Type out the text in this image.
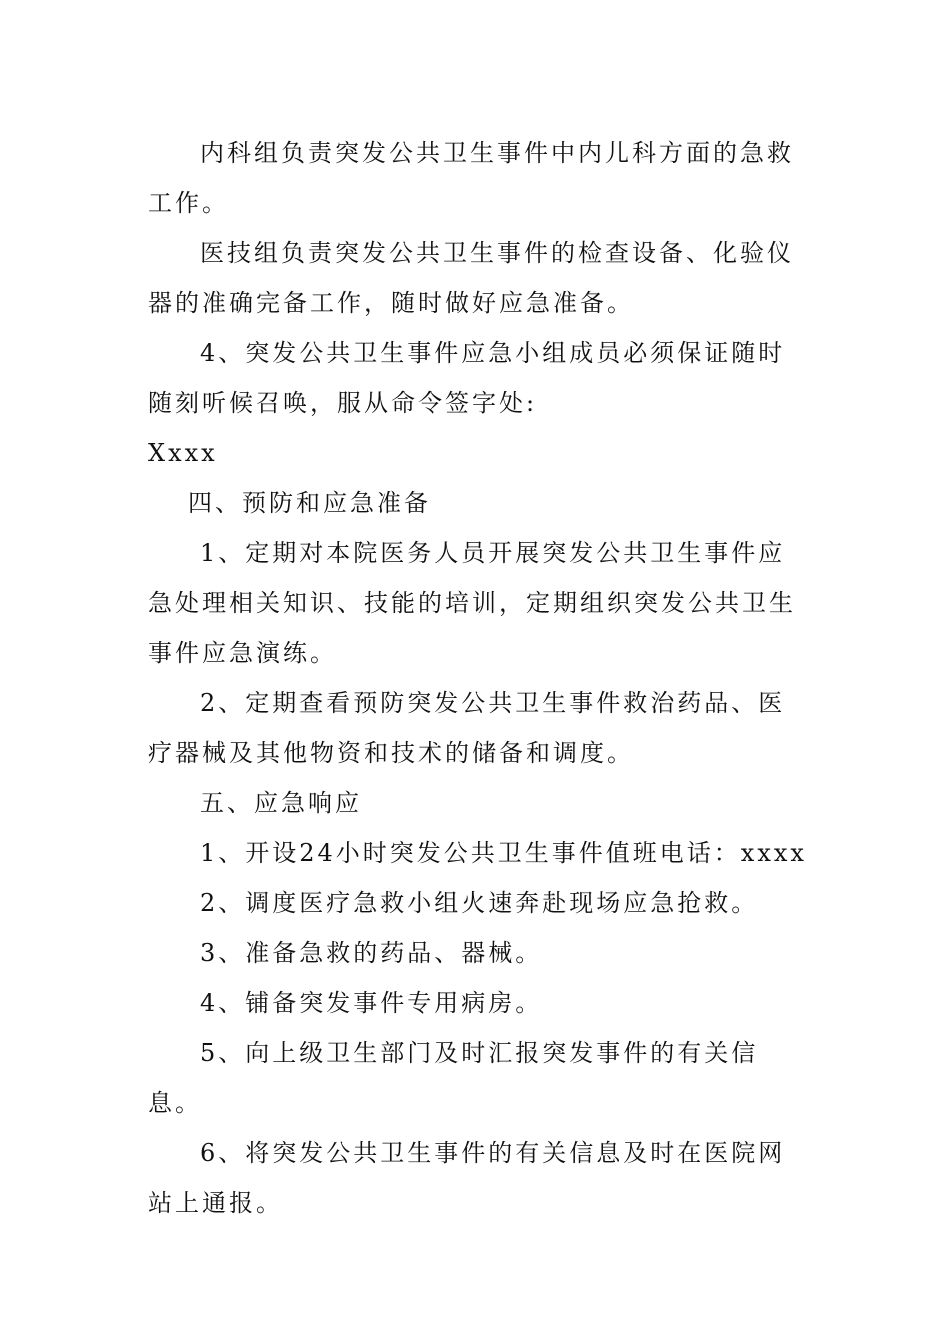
内科组负责突发公共卫生事件中内儿科方面的急救工作。

医技组负责突发公共卫生事件的检查设备、化验仪器的准确完备工作，随时做好应急准备。

4、突发公共卫生事件应急小组成员必须保证随时随刻听候召唤，服从命令签字处:

Xxxx

四、预防和应急准备

1、定期对本院医务人员开展突发公共卫生事件应急处理相关知识、技能的培训，定期组织突发公共卫生事件应急演练。

2、定期查看预防突发公共卫生事件救治药品、医疗器械及其他物资和技术的储备和调度。

五、应急响应

1、开设24小时突发公共卫生事件值班电话：xxxx

2、调度医疗急救小组火速奔赴现场应急抢救。

3、准备急救的药品、器械。

4、铺备突发事件专用病房。

5、向上级卫生部门及时汇报突发事件的有关信息。

6、将突发公共卫生事件的有关信息及时在医院网站上通报。
